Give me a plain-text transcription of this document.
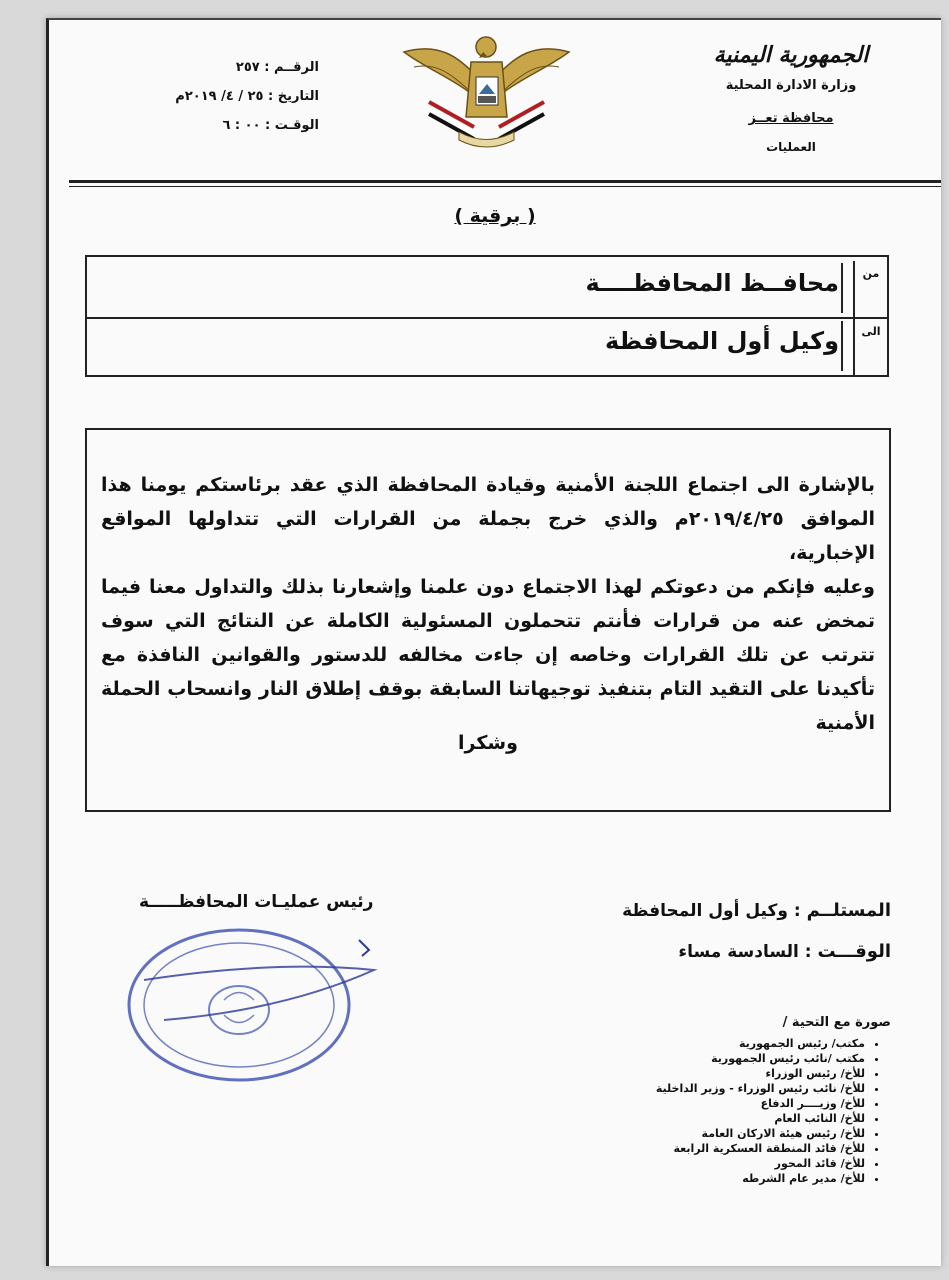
الجمهورية اليمنية
وزارة الادارة المحلية
محافظة تعــز
العمليات
الرقــم : ٢٥٧
التاريخ : ٢٥ / ٤/ ٢٠١٩م
الوقـت : ٠٠ : ٦
( برقية )
من
محافــظ المحافظــــة
الى
وكيل أول المحافظة

بالإشارة الى اجتماع اللجنة الأمنية وقيادة المحافظة الذي عقد برئاستكم يومنا هذا الموافق ٢٠١٩/٤/٢٥م والذي خرج بجملة من القرارات التي تتداولها المواقع الإخبارية،

وعليه فإنكم من دعوتكم لهذا الاجتماع دون علمنا وإشعارنا بذلك والتداول معنا فيما تمخض عنه من قرارات فأنتم تتحملون المسئولية الكاملة عن النتائج التي سوف تترتب عن تلك القرارات وخاصه إن جاءت مخالفه للدستور والقوانين النافذة مع تأكيدنا على التقيد التام بتنفيذ توجيهاتنا السابقة بوقف إطلاق النار وانسحاب الحملة الأمنية

وشكرا
المستلــم : وكيل أول المحافظة
الوقـــت : السادسة مساء
رئيس عمليـات المحافظـــــة
صورة مع التحية /
• مكتب/ رئيس الجمهورية
• مكتب /نائب رئيس الجمهورية
• للأخ/ رئيس الوزراء
• للأخ/ نائب رئيس الوزراء - وزير الداخلية
• للأخ/ وزيــــر الدفاع
• للأخ/ النائب العام
• للأخ/ رئيس هيئة الاركان العامة
• للأخ/ قائد المنطقة العسكرية الرابعة
• للأخ/ قائد المحور
• للأخ/ مدير عام الشرطه
